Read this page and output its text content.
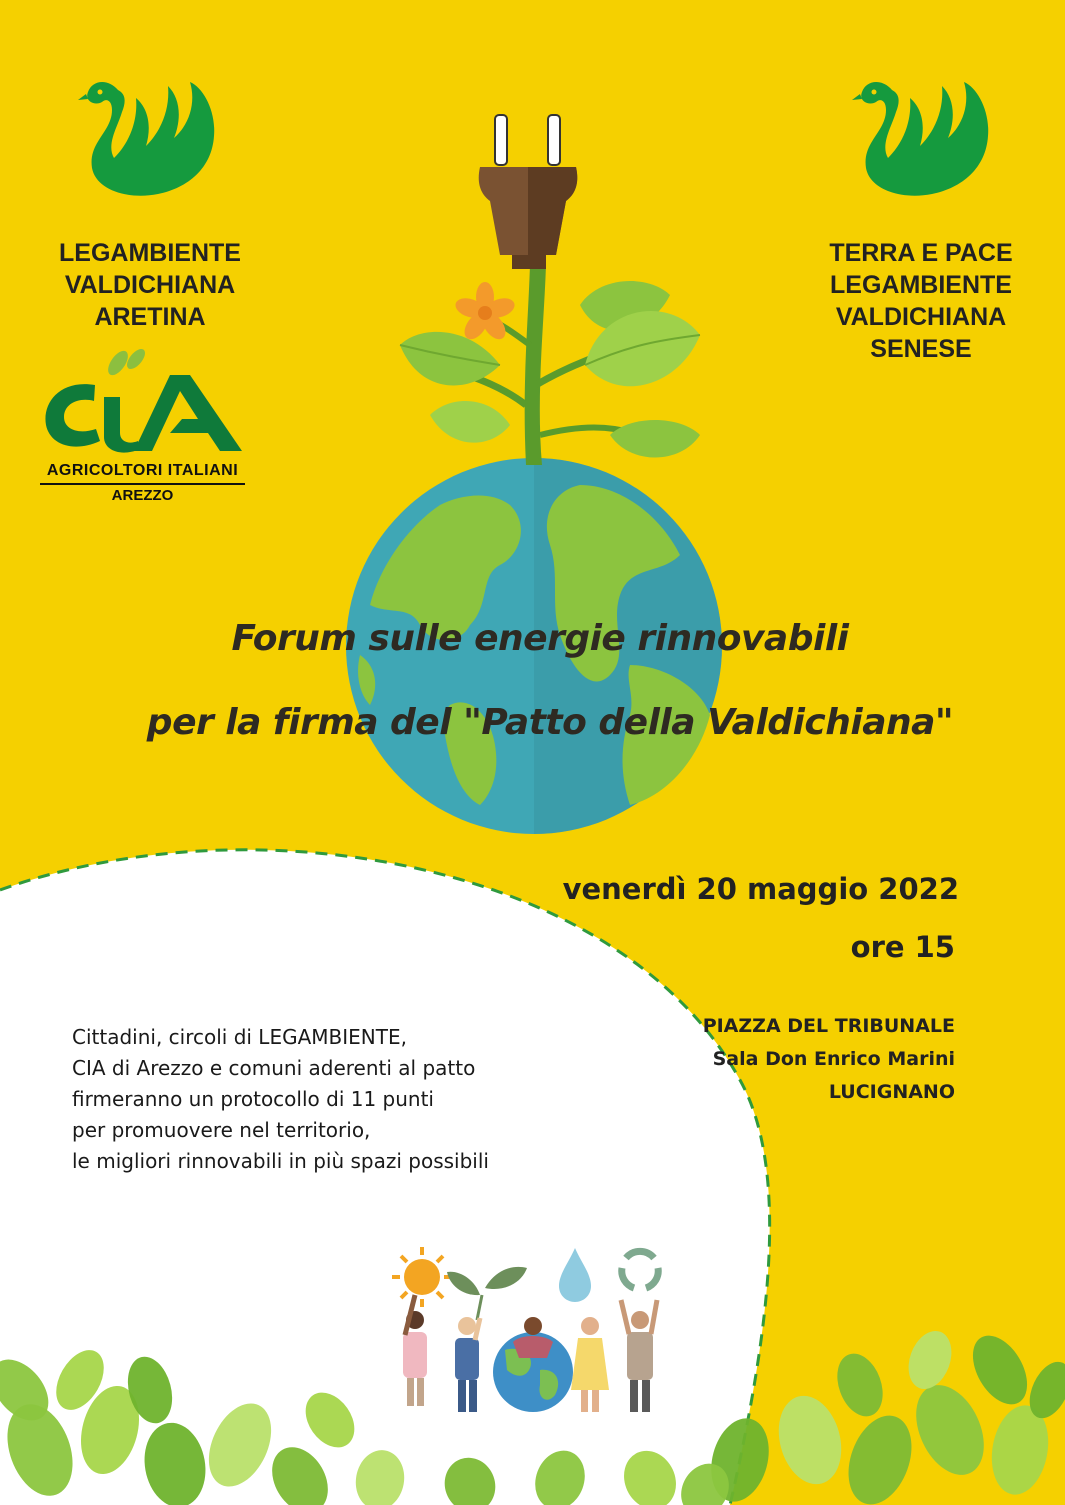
LEGAMBIENTE
VALDICHIANA
ARETINA
TERRA E PACE
LEGAMBIENTE
VALDICHIANA
SENESE
AGRICOLTORI ITALIANI
AREZZO
Forum sulle energie rinnovabili
per la firma del "Patto della Valdichiana"
venerdì 20 maggio 2022
ore 15
PIAZZA DEL TRIBUNALE
Sala Don Enrico Marini
LUCIGNANO
Cittadini, circoli di LEGAMBIENTE,
CIA di Arezzo e comuni aderenti al patto
firmeranno un protocollo di 11 punti
per promuovere nel territorio,
le migliori rinnovabili in più spazi possibili
